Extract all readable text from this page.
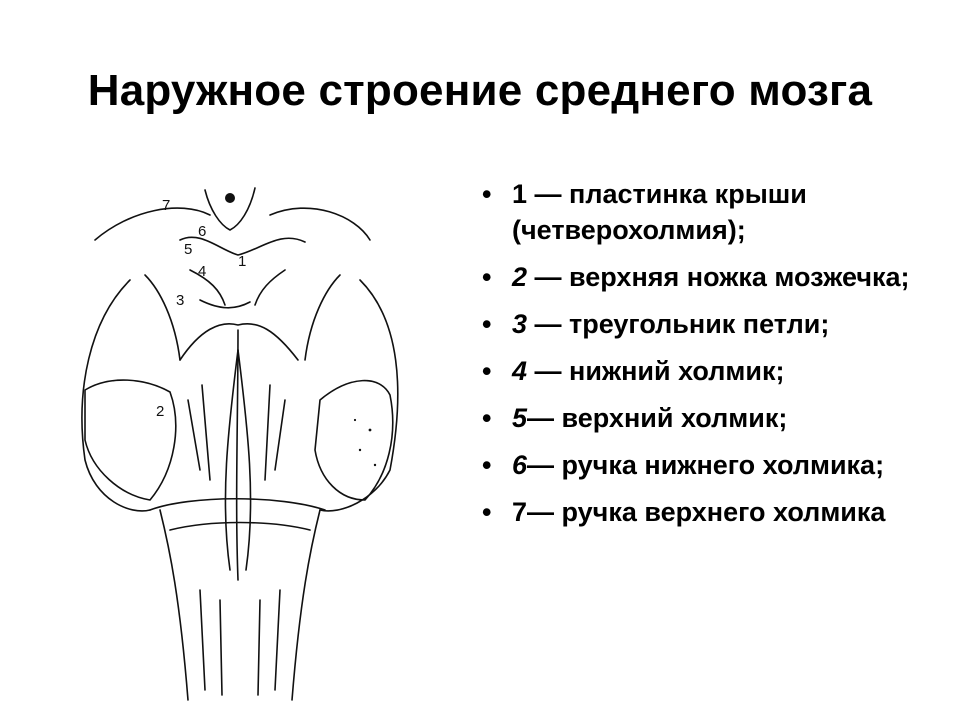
Наружное строение среднего мозга
7
6
5
4
1
3
2
• 1 — пластинка крыши (четверохолмия);
• 2 — верхняя ножка мозжечка;
• 3 — треугольник петли;
• 4 — нижний холмик;
• 5— верхний холмик;
• 6— ручка нижнего холмика;
• 7— ручка верхнего холмика
